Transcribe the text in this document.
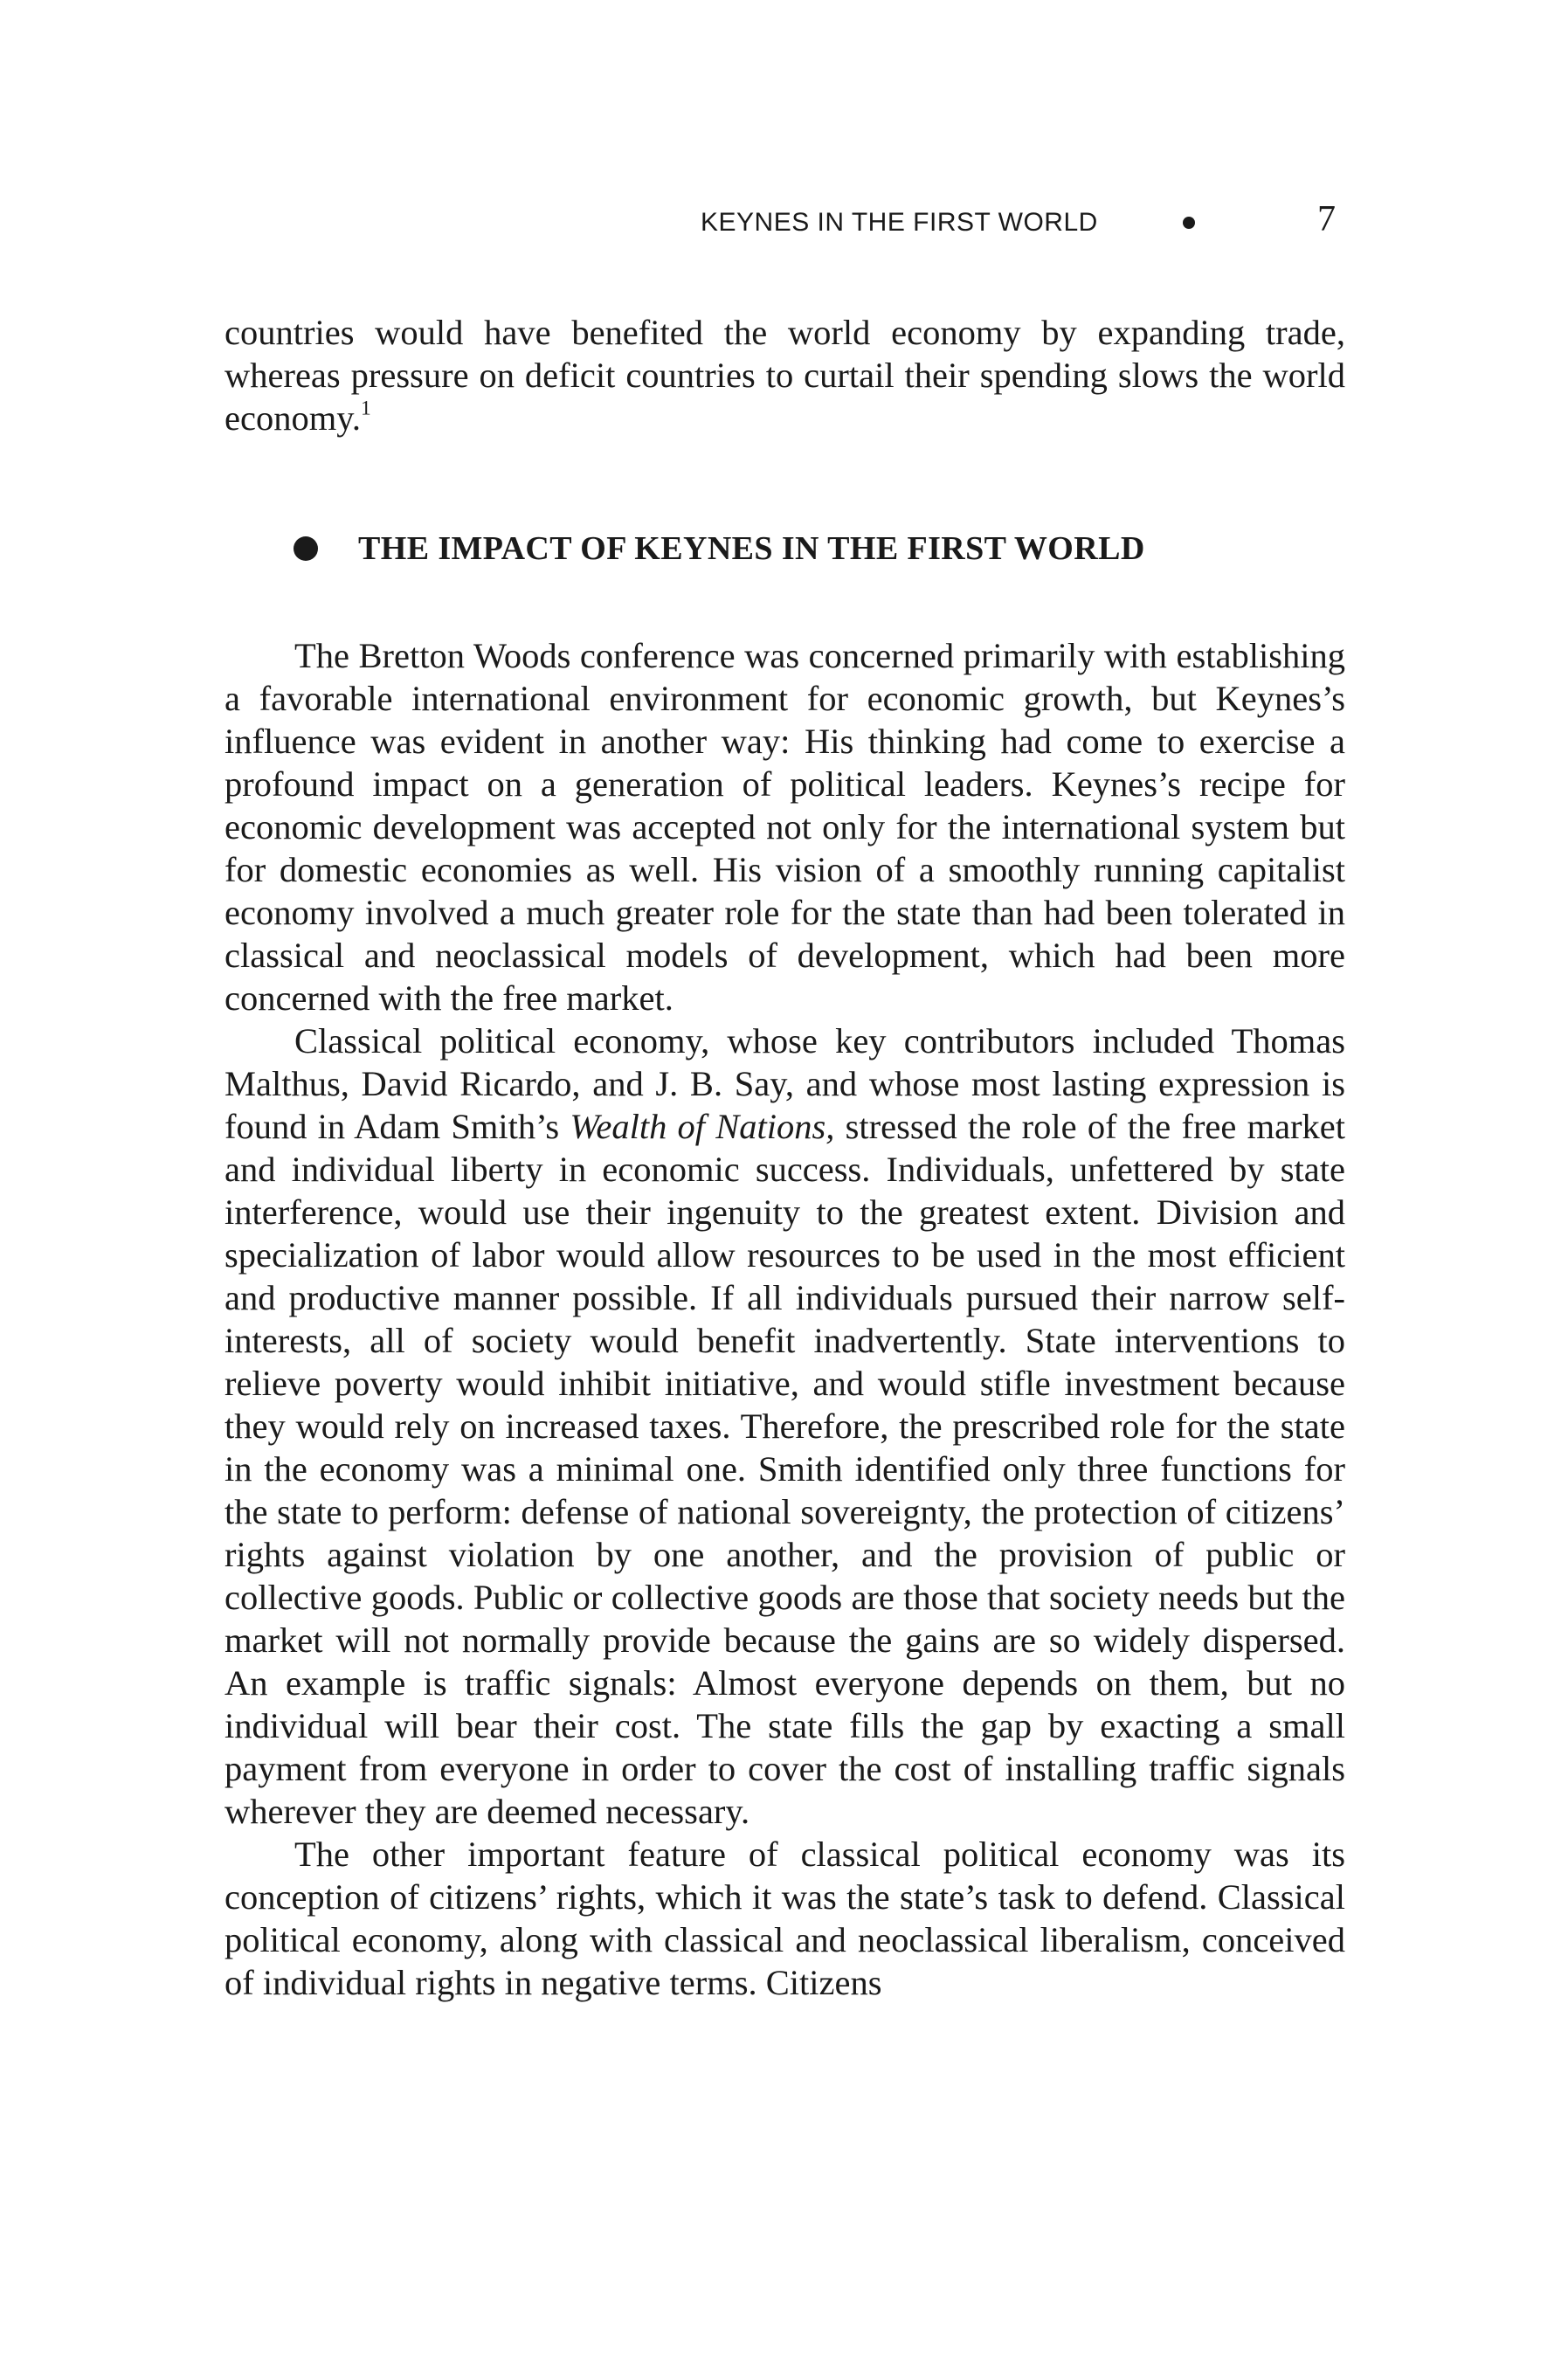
KEYNES IN THE FIRST WORLD	7

countries would have benefited the world economy by expanding trade, whereas pressure on deficit countries to curtail their spending slows the world economy.$^1$

THE IMPACT OF KEYNES IN THE FIRST WORLD

The Bretton Woods conference was concerned primarily with establishing a favorable international environment for economic growth, but Keynes’s influence was evident in another way: His thinking had come to exercise a profound impact on a generation of political leaders. Keynes’s recipe for economic development was accepted not only for the international system but for domestic economies as well. His vision of a smoothly running capitalist economy involved a much greater role for the state than had been tolerated in classical and neoclassical models of development, which had been more concerned with the free market.

Classical political economy, whose key contributors included Thomas Malthus, David Ricardo, and J. B. Say, and whose most lasting expression is found in Adam Smith’s Wealth of Nations, stressed the role of the free market and individual liberty in economic success. Individuals, unfettered by state interference, would use their ingenuity to the greatest extent. Division and specialization of labor would allow resources to be used in the most efficient and productive manner possible. If all individuals pursued their narrow self-interests, all of society would benefit inadvertently. State interventions to relieve poverty would inhibit initiative, and would stifle investment because they would rely on increased taxes. Therefore, the prescribed role for the state in the economy was a minimal one. Smith identified only three functions for the state to perform: defense of national sovereignty, the protection of citizens’ rights against violation by one another, and the provision of public or collective goods. Public or collective goods are those that society needs but the market will not normally provide because the gains are so widely dispersed. An example is traffic signals: Almost everyone depends on them, but no individual will bear their cost. The state fills the gap by exacting a small payment from everyone in order to cover the cost of installing traffic signals wherever they are deemed necessary.

The other important feature of classical political economy was its conception of citizens’ rights, which it was the state’s task to defend. Classical political economy, along with classical and neoclassical liberalism, conceived of individual rights in negative terms. Citizens
